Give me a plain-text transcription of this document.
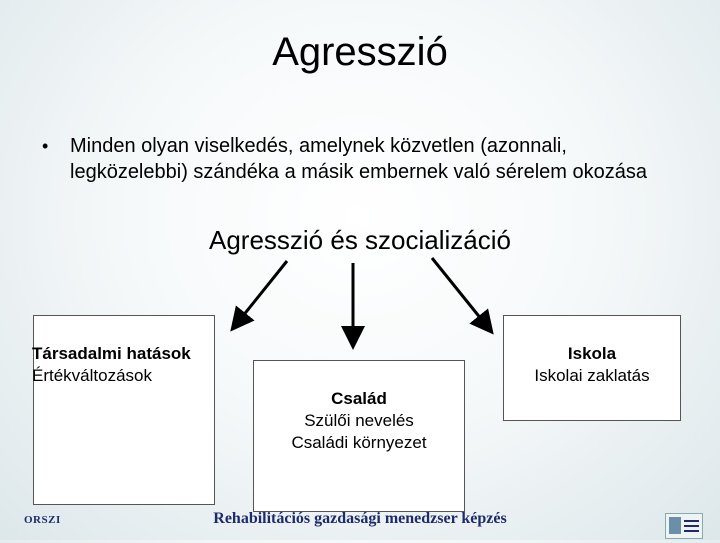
Agresszió
• Minden olyan viselkedés, amelynek közvetlen (azonnali, legközelebbi) szándéka a másik embernek való sérelem okozása
Agresszió és szocializáció
Társadalmi hatások
Értékváltozások
Család
Szülői nevelés
Családi környezet
Iskola
Iskolai zaklatás
ORSZI	Rehabilitációs gazdasági menedzser képzés
